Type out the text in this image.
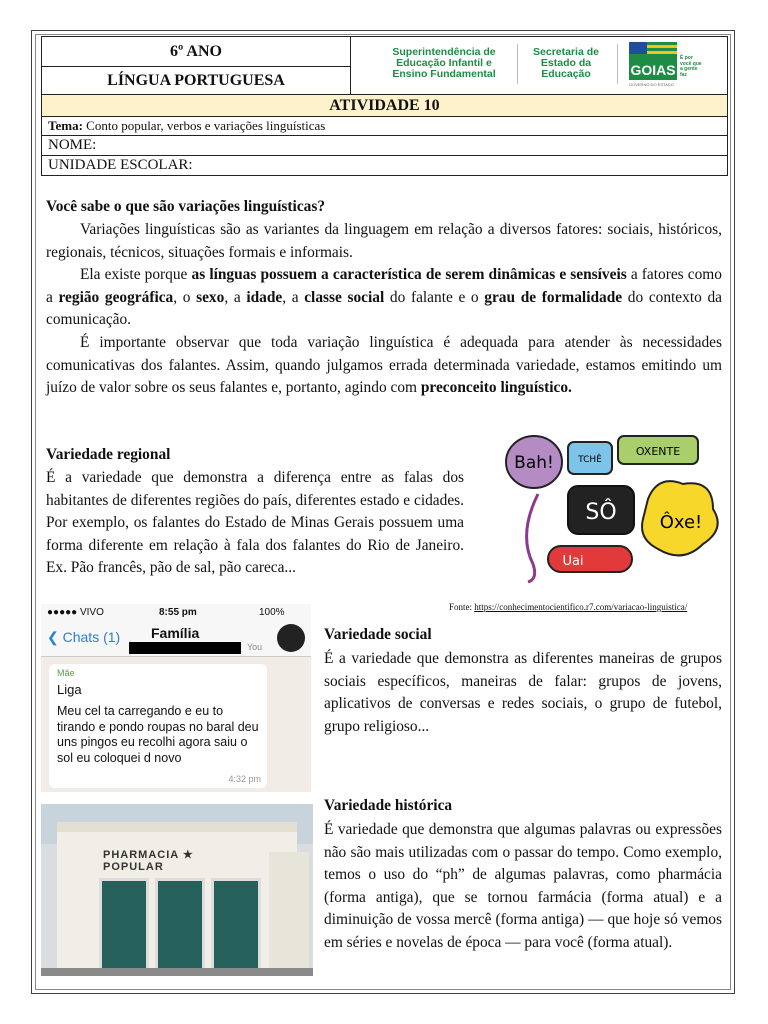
6º ANO
LÍNGUA PORTUGUESA
Superintendência de Educação Infantil e Ensino Fundamental
Secretaria de Estado da Educação	GOIAS
É por você que a gente faz
GOVERNO DO ESTADO
ATIVIDADE 10
Tema:
Conto popular, verbos e variações linguísticas
NOME:
UNIDADE ESCOLAR:

Você sabe o que são variações linguísticas?

Variações linguísticas são as variantes da linguagem em relação a diversos fatores: sociais, históricos, regionais, técnicos, situações formais e informais.

Ela existe porque as línguas possuem a característica de serem dinâmicas e sensíveis a fatores como a região geográfica, o sexo, a idade, a classe social do falante e o grau de formalidade do contexto da comunicação.

É importante observar que toda variação linguística é adequada para atender às necessidades comunicativas dos falantes. Assim, quando julgamos errada determinada variedade, estamos emitindo um juízo de valor sobre os seus falantes e, portanto, agindo com preconceito linguístico.

Variedade regional

É a variedade que demonstra a diferença entre as falas dos habitantes de diferentes regiões do país, diferentes estado e cidades. Por exemplo, os falantes do Estado de Minas Gerais possuem uma forma diferente em relação à fala dos falantes do Rio de Janeiro. Ex. Pão francês, pão de sal, pão careca...

Bah!	TCHÊ
OXENTE
SÔ Ôxe!
Uai
Fonte: https://conhecimentocientifico.r7.com/variacao-linguistica/
●●●●● VIVO	8:55 pm	100%
❮ Chats (1) Família
You
Mãe
Liga
Meu cel ta carregando e eu to tirando e pondo roupas no baral deu uns pingos eu recolhi agora saiu o sol eu coloquei d novo
4:32 pm

Variedade social

É a variedade que demonstra as diferentes maneiras de grupos sociais específicos, maneiras de falar: grupos de jovens, aplicativos de conversas e redes sociais, o grupo de futebol, grupo religioso...

PHARMACIA ★ POPULAR

Variedade histórica

É variedade que demonstra que algumas palavras ou expressões não são mais utilizadas com o passar do tempo. Como exemplo, temos o uso do “ph” de algumas palavras, como pharmácia (forma antiga), que se tornou farmácia (forma atual) e a diminuição de vossa mercê (forma antiga) — que hoje só vemos em séries e novelas de época — para você (forma atual).
